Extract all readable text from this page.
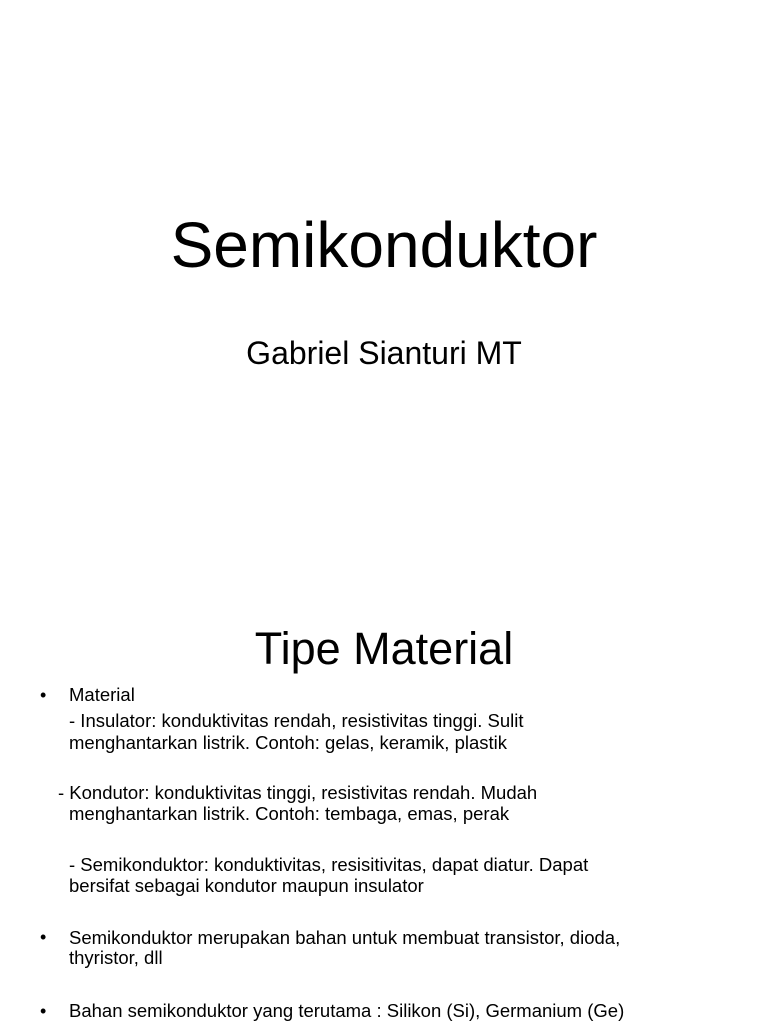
Semikonduktor
Gabriel Sianturi MT
Tipe Material
• Material
- Insulator: konduktivitas rendah, resistivitas tinggi. Sulit
menghantarkan listrik. Contoh: gelas, keramik, plastik
- Kondutor: konduktivitas tinggi, resistivitas rendah. Mudah
menghantarkan listrik. Contoh: tembaga, emas, perak
- Semikonduktor: konduktivitas, resisitivitas, dapat diatur. Dapat
bersifat sebagai kondutor maupun insulator
• Semikonduktor merupakan bahan untuk membuat transistor, dioda,
thyristor, dll
• Bahan semikonduktor yang terutama : Silikon (Si), Germanium (Ge)
